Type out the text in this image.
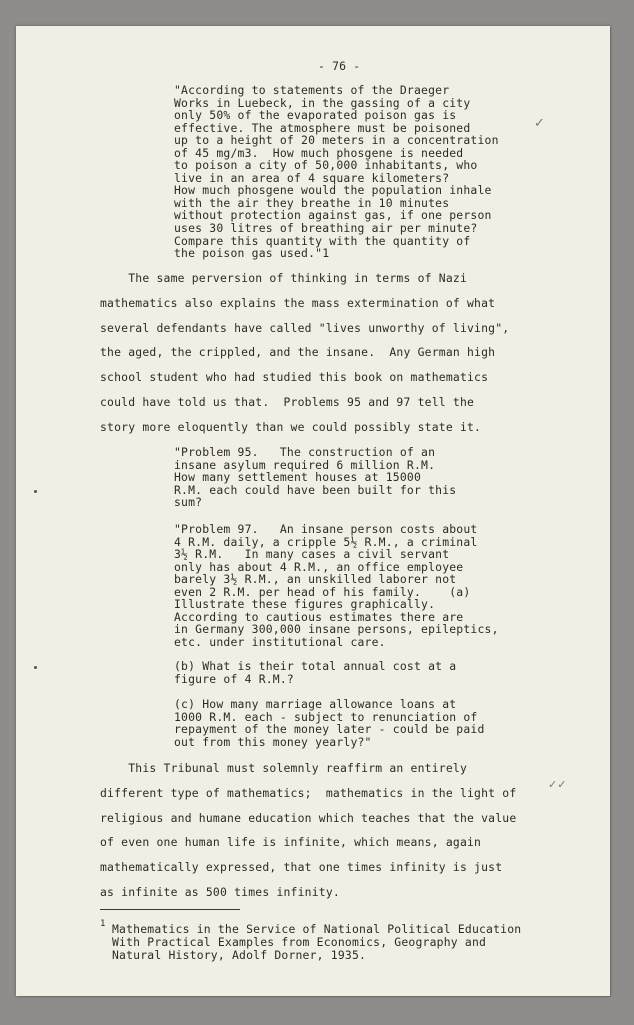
- 76 -

"According to statements of the Draeger
Works in Luebeck, in the gassing of a city
only 50% of the evaporated poison gas is
effective. The atmosphere must be poisoned
up to a height of 20 meters in a concentration
of 45 mg/m3.  How much phosgene is needed
to poison a city of 50,000 inhabitants, who
live in an area of 4 square kilometers?
How much phosgene would the population inhale
with the air they breathe in 10 minutes
without protection against gas, if one person
uses 30 litres of breathing air per minute?
Compare this quantity with the quantity of
the poison gas used."1

The same perversion of thinking in terms of Nazi
mathematics also explains the mass extermination of what
several defendants have called "lives unworthy of living",
the aged, the crippled, and the insane.  Any German high
school student who had studied this book on mathematics
could have told us that.  Problems 95 and 97 tell the
story more eloquently than we could possibly state it.

"Problem 95.   The construction of an
insane asylum required 6 million R.M.
How many settlement houses at 15000
R.M. each could have been built for this
sum?

"Problem 97.   An insane person costs about
4 R.M. daily, a cripple 5½ R.M., a criminal
3½ R.M.   In many cases a civil servant
only has about 4 R.M., an office employee
barely 3½ R.M., an unskilled laborer not
even 2 R.M. per head of his family.    (a)
Illustrate these figures graphically.
According to cautious estimates there are
in Germany 300,000 insane persons, epileptics,
etc. under institutional care.

(b) What is their total annual cost at a
figure of 4 R.M.?

(c) How many marriage allowance loans at
1000 R.M. each - subject to renunciation of
repayment of the money later - could be paid
out from this money yearly?"

This Tribunal must solemnly reaffirm an entirely
different type of mathematics;  mathematics in the light of
religious and humane education which teaches that the value
of even one human life is infinite, which means, again
mathematically expressed, that one times infinity is just
as infinite as 500 times infinity.

1 Mathematics in the Service of National Political Education
With Practical Examples from Economics, Geography and
Natural History, Adolf Dorner, 1935.

✓
✓✓
